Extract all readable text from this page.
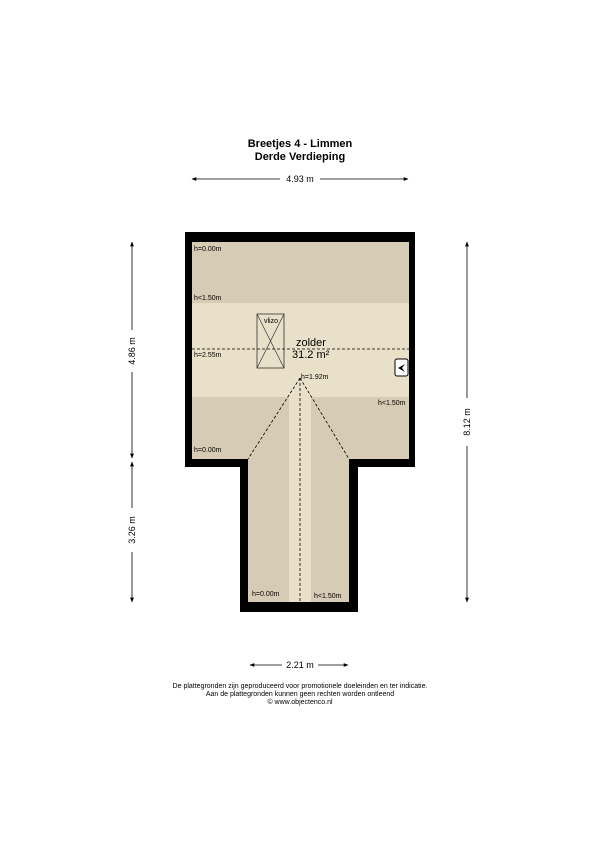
Breetjes 4 - Limmen
Derde Verdieping
vlizo
zolder
31.2 m²
h=0.00m
h<1.50m
h=2.55m
h=1.92m
h<1.50m
h=0.00m
h=0.00m	h<1.50m
4.93 m
2.21 m
4.86 m
3.26 m
8.12 m
De plattegronden zijn geproduceerd voor promotionele doeleinden en ter indicatie.
Aan de plattegronden kunnen geen rechten worden ontleend
© www.objectenco.nl
